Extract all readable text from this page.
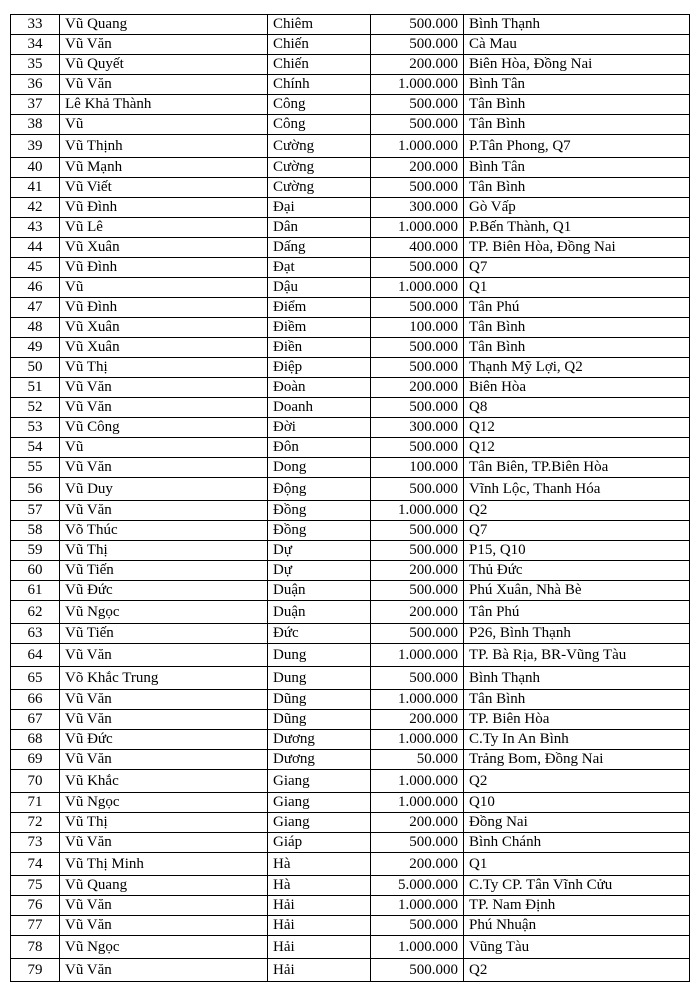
33	Vũ Quang	Chiêm	500.000	Bình Thạnh
34	Vũ Văn	Chiến	500.000	Cà Mau
35	Vũ Quyết	Chiến	200.000	Biên Hòa, Đồng Nai
36	Vũ Văn	Chính	1.000.000	Bình Tân
37	Lê Khả Thành	Công	500.000	Tân Bình
38	Vũ	Công	500.000	Tân Bình
39	Vũ Thịnh	Cường	1.000.000	P.Tân Phong, Q7
40	Vũ Mạnh	Cường	200.000	Bình Tân
41	Vũ Viết	Cường	500.000	Tân Bình
42	Vũ Đình	Đại	300.000	Gò Vấp
43	Vũ Lê	Dân	1.000.000	P.Bến Thành, Q1
44	Vũ Xuân	Dấng	400.000	TP. Biên Hòa, Đồng Nai
45	Vũ Đình	Đạt	500.000	Q7
46	Vũ	Dậu	1.000.000	Q1
47	Vũ Đình	Điểm	500.000	Tân Phú
48	Vũ Xuân	Điềm	100.000	Tân Bình
49	Vũ Xuân	Điền	500.000	Tân Bình
50	Vũ Thị	Điệp	500.000	Thạnh Mỹ Lợi, Q2
51	Vũ Văn	Đoàn	200.000	Biên Hòa
52	Vũ Văn	Doanh	500.000	Q8
53	Vũ Công	Đời	300.000	Q12
54	Vũ	Đôn	500.000	Q12
55	Vũ Văn	Dong	100.000	Tân Biên, TP.Biên Hòa
56	Vũ Duy	Động	500.000	Vĩnh Lộc, Thanh Hóa
57	Vũ Văn	Đồng	1.000.000	Q2
58	Võ Thúc	Đồng	500.000	Q7
59	Vũ Thị	Dự	500.000	P15, Q10
60	Vũ Tiến	Dự	200.000	Thủ Đức
61	Vũ Đức	Duận	500.000	Phú Xuân, Nhà Bè
62	Vũ Ngọc	Duận	200.000	Tân Phú
63	Vũ Tiến	Đức	500.000	P26, Bình Thạnh
64	Vũ Văn	Dung	1.000.000	TP. Bà Rịa, BR-Vũng Tàu
65	Võ Khắc Trung	Dung	500.000	Bình Thạnh
66	Vũ Văn	Dũng	1.000.000	Tân Bình
67	Vũ Văn	Dũng	200.000	TP. Biên Hòa
68	Vũ Đức	Dương	1.000.000	C.Ty In An Bình
69	Vũ Văn	Dương	50.000	Trảng Bom, Đồng Nai
70	Vũ Khắc	Giang	1.000.000	Q2
71	Vũ Ngọc	Giang	1.000.000	Q10
72	Vũ Thị	Giang	200.000	Đồng Nai
73	Vũ Văn	Giáp	500.000	Bình Chánh
74	Vũ Thị Minh	Hà	200.000	Q1
75	Vũ Quang	Hà	5.000.000	C.Ty CP. Tân Vĩnh Cửu
76	Vũ Văn	Hải	1.000.000	TP. Nam Định
77	Vũ Văn	Hải	500.000	Phú Nhuận
78	Vũ Ngọc	Hải	1.000.000	Vũng Tàu
79	Vũ Văn	Hải	500.000	Q2
